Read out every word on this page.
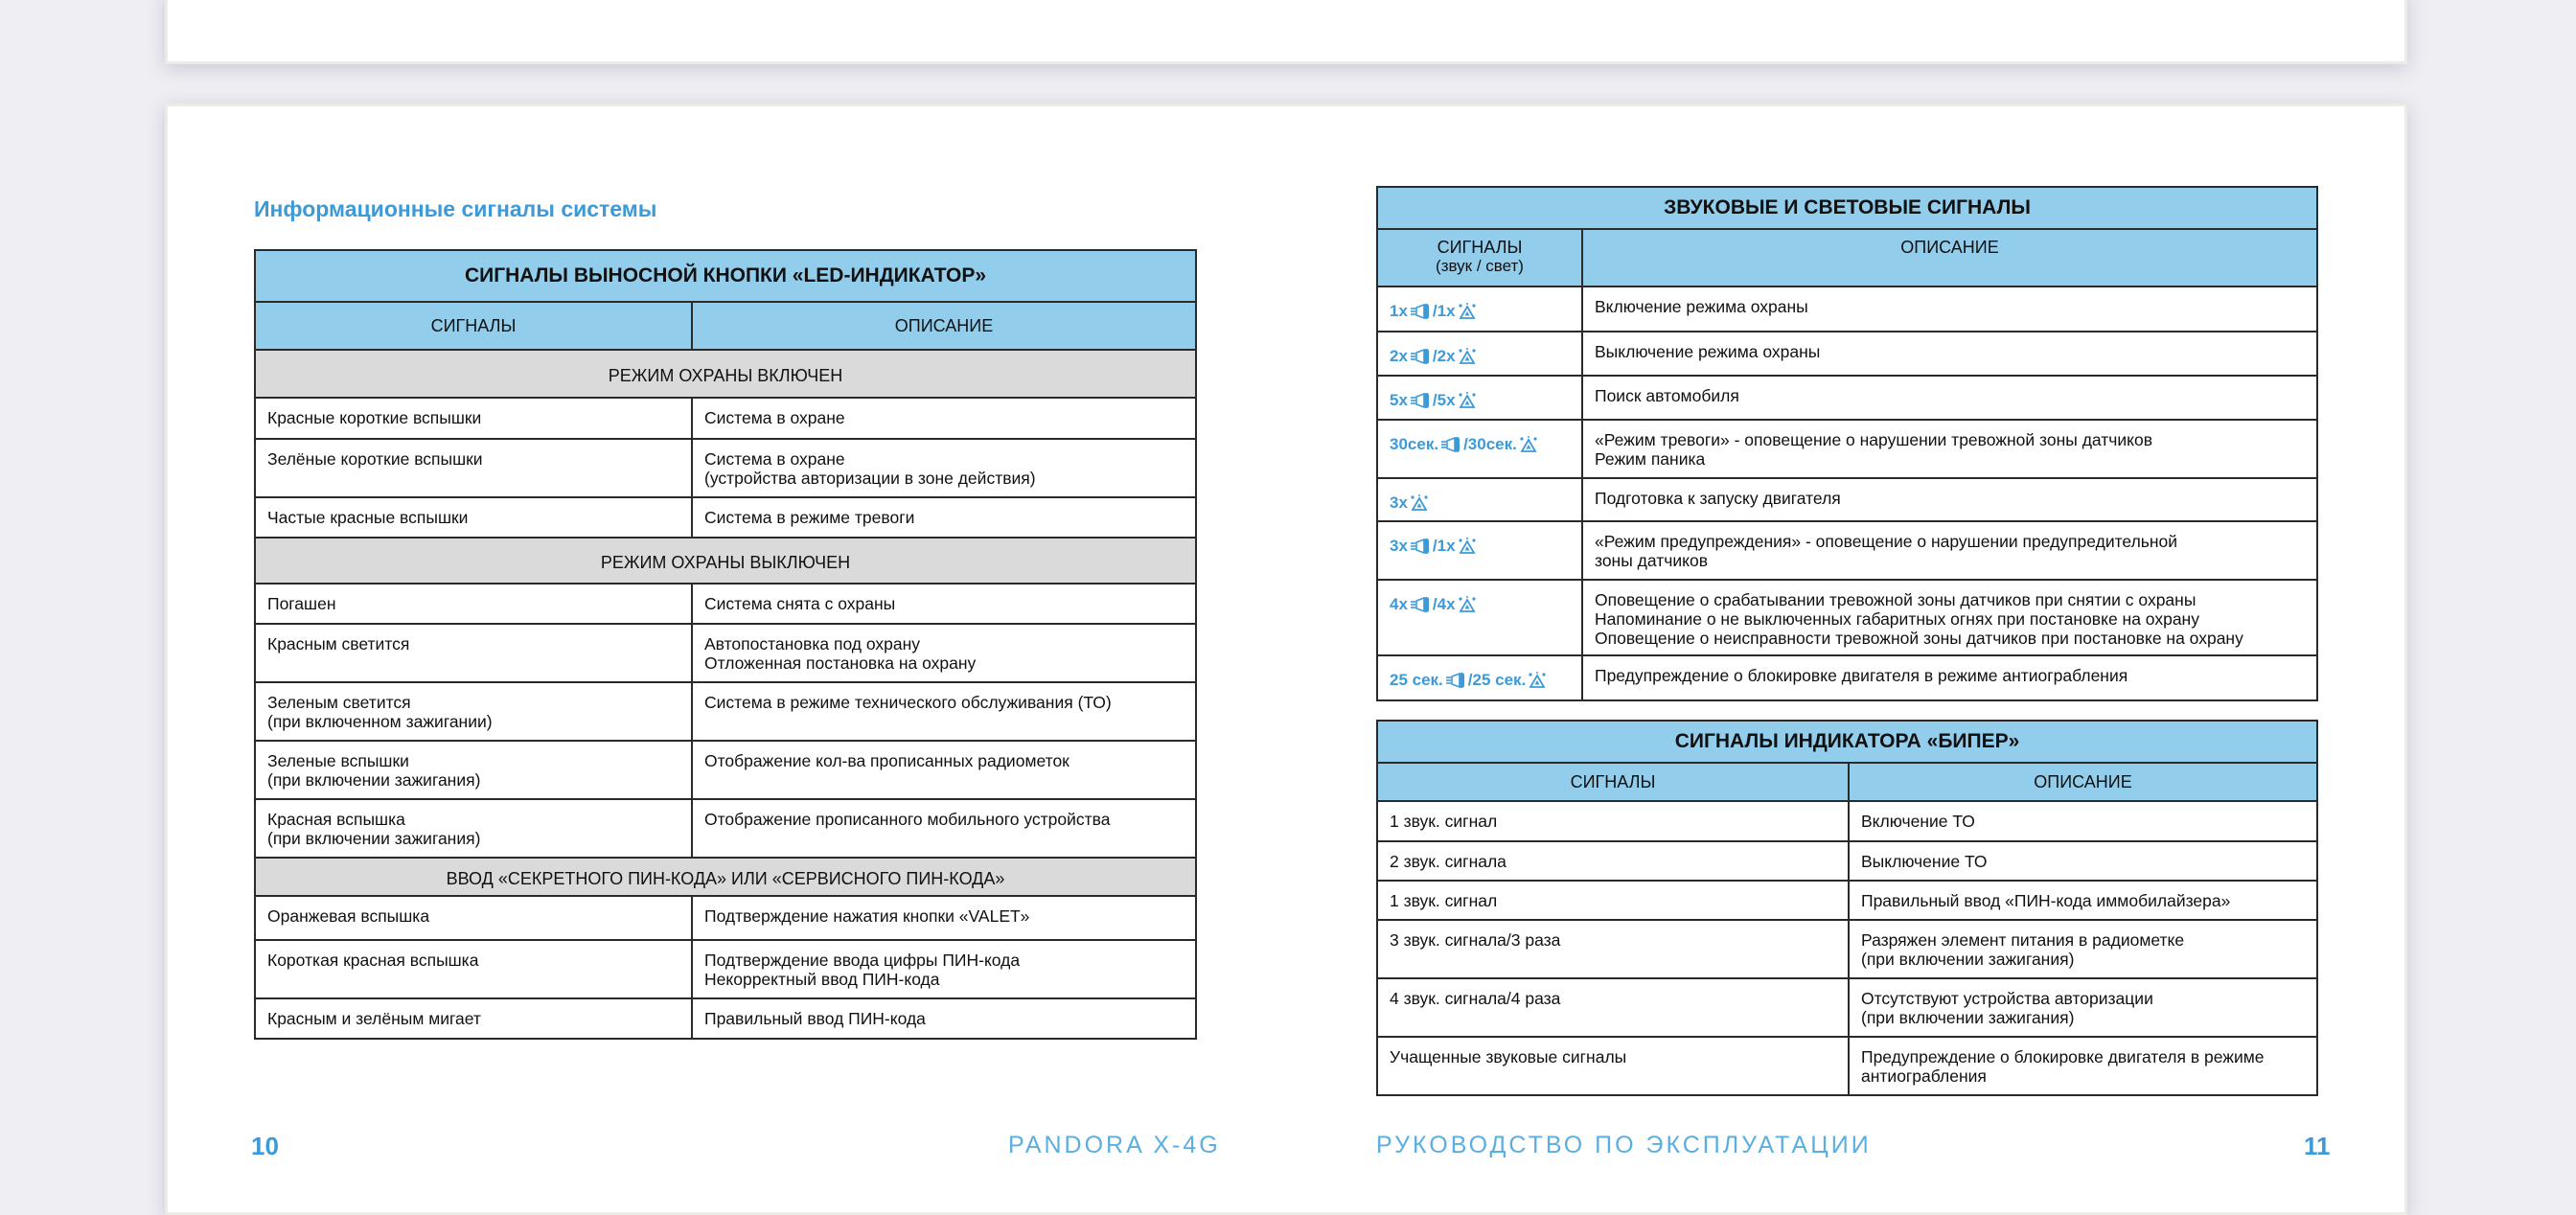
Информационные сигналы системы
СИГНАЛЫ ВЫНОСНОЙ КНОПКИ «LED-ИНДИКАТОР»	
СИГНАЛЫ	ОПИСАНИЕ
РЕЖИМ ОХРАНЫ ВКЛЮЧЕН	
Красные короткие вспышки	Система в охране
Зелёные короткие вспышки	Система в охране
(устройства авторизации в зоне действия)

Частые красные вспышки	Система в режиме тревоги
РЕЖИМ ОХРАНЫ ВЫКЛЮЧЕН	
Погашен	Система снята с охраны
Красным светится	Автопостановка под охрану
Отложенная постановка на охрану

Зеленым светится
(при включенном зажигании)	Система в режиме технического обслуживания (ТО)

Зеленые вспышки
(при включении зажигания)	Отображение кол-ва прописанных радиометок

Красная вспышка
(при включении зажигания)	Отображение прописанного мобильного устройства
ВВОД «СЕКРЕТНОГО ПИН-КОДА» ИЛИ «СЕРВИСНОГО ПИН-КОДА»	
Оранжевая вспышка	Подтверждение нажатия кнопки «VALET»
Короткая красная вспышка	Подтверждение ввода цифры ПИН-кода
Некорректный ввод ПИН-кода

Красным и зелёным мигает	Правильный ввод ПИН-кода
ЗВУКОВЫЕ И СВЕТОВЫЕ СИГНАЛЫ	

СИГНАЛЫ
(звук / свет)	ОПИСАНИЕ

1x /1x	Включение режима охраны

2x /2x	Выключение режима охраны

5x /5x	Поиск автомобиля

30сек. /30сек.	«Режим тревоги» - оповещение о нарушении тревожной зоны датчиков
Режим паника

3x	Подготовка к запуску двигателя

3x /1x	«Режим предупреждения» - оповещение о нарушении предупредительной
зоны датчиков

4x /4x	Оповещение о срабатывании тревожной зоны датчиков при снятии с охраны
Напоминание о не выключенных габаритных огнях при постановке на охрану
Оповещение о неисправности тревожной зоны датчиков при постановке на охрану

25 сек. /25 сек.	Предупреждение о блокировке двигателя в режиме антиограбления
СИГНАЛЫ ИНДИКАТОРА «БИПЕР»	
СИГНАЛЫ	ОПИСАНИЕ
1 звук. сигнал	Включение ТО
2 звук. сигнала	Выключение ТО
1 звук. сигнал	Правильный ввод «ПИН-кода иммобилайзера»
3 звук. сигнала/3 раза	Разряжен элемент питания в радиометке
(при включении зажигания)

4 звук. сигнала/4 раза	Отсутствуют устройства авторизации
(при включении зажигания)

Учащенные звуковые сигналы	Предупреждение о блокировке двигателя в режиме
антиограбления
10	PANDORA X-4G	РУКОВОДСТВО ПО ЭКСПЛУАТАЦИИ	11
